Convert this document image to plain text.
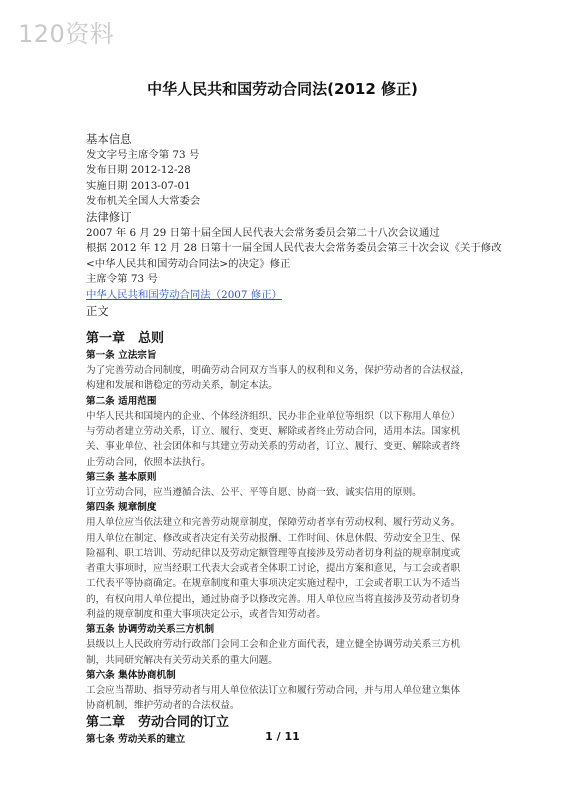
120资料
中华人民共和国劳动合同法(2012 修正)
基本信息
发文字号主席令第 73 号
发布日期 2012-12-28
实施日期 2013-07-01
发布机关全国人大常委会
法律修订
2007 年 6 月 29 日第十届全国人民代表大会常务委员会第二十八次会议通过
根据 2012 年 12 月 28 日第十一届全国人民代表大会常务委员会第三十次会议《关于修改
<中华人民共和国劳动合同法>的决定》修正
主席令第 73 号
中华人民共和国劳动合同法（2007 修正）
正文
第一章　总则
第一条 立法宗旨
为了完善劳动合同制度，明确劳动合同双方当事人的权利和义务，保护劳动者的合法权益，
构建和发展和谐稳定的劳动关系，制定本法。
第二条 适用范围
中华人民共和国境内的企业、个体经济组织、民办非企业单位等组织（以下称用人单位）
与劳动者建立劳动关系，订立、履行、变更、解除或者终止劳动合同，适用本法。国家机
关、事业单位、社会团体和与其建立劳动关系的劳动者，订立、履行、变更、解除或者终
止劳动合同，依照本法执行。
第三条 基本原则
订立劳动合同，应当遵循合法、公平、平等自愿、协商一致、诚实信用的原则。
第四条 规章制度
用人单位应当依法建立和完善劳动规章制度，保障劳动者享有劳动权利、履行劳动义务。
用人单位在制定、修改或者决定有关劳动报酬、工作时间、休息休假、劳动安全卫生、保
险福利、职工培训、劳动纪律以及劳动定额管理等直接涉及劳动者切身利益的规章制度或
者重大事项时，应当经职工代表大会或者全体职工讨论，提出方案和意见，与工会或者职
工代表平等协商确定。在规章制度和重大事项决定实施过程中，工会或者职工认为不适当
的，有权向用人单位提出，通过协商予以修改完善。用人单位应当将直接涉及劳动者切身
利益的规章制度和重大事项决定公示，或者告知劳动者。
第五条 协调劳动关系三方机制
县级以上人民政府劳动行政部门会同工会和企业方面代表，建立健全协调劳动关系三方机
制，共同研究解决有关劳动关系的重大问题。
第六条 集体协商机制
工会应当帮助、指导劳动者与用人单位依法订立和履行劳动合同，并与用人单位建立集体
协商机制，维护劳动者的合法权益。
第二章　劳动合同的订立
第七条 劳动关系的建立	1 / 11
